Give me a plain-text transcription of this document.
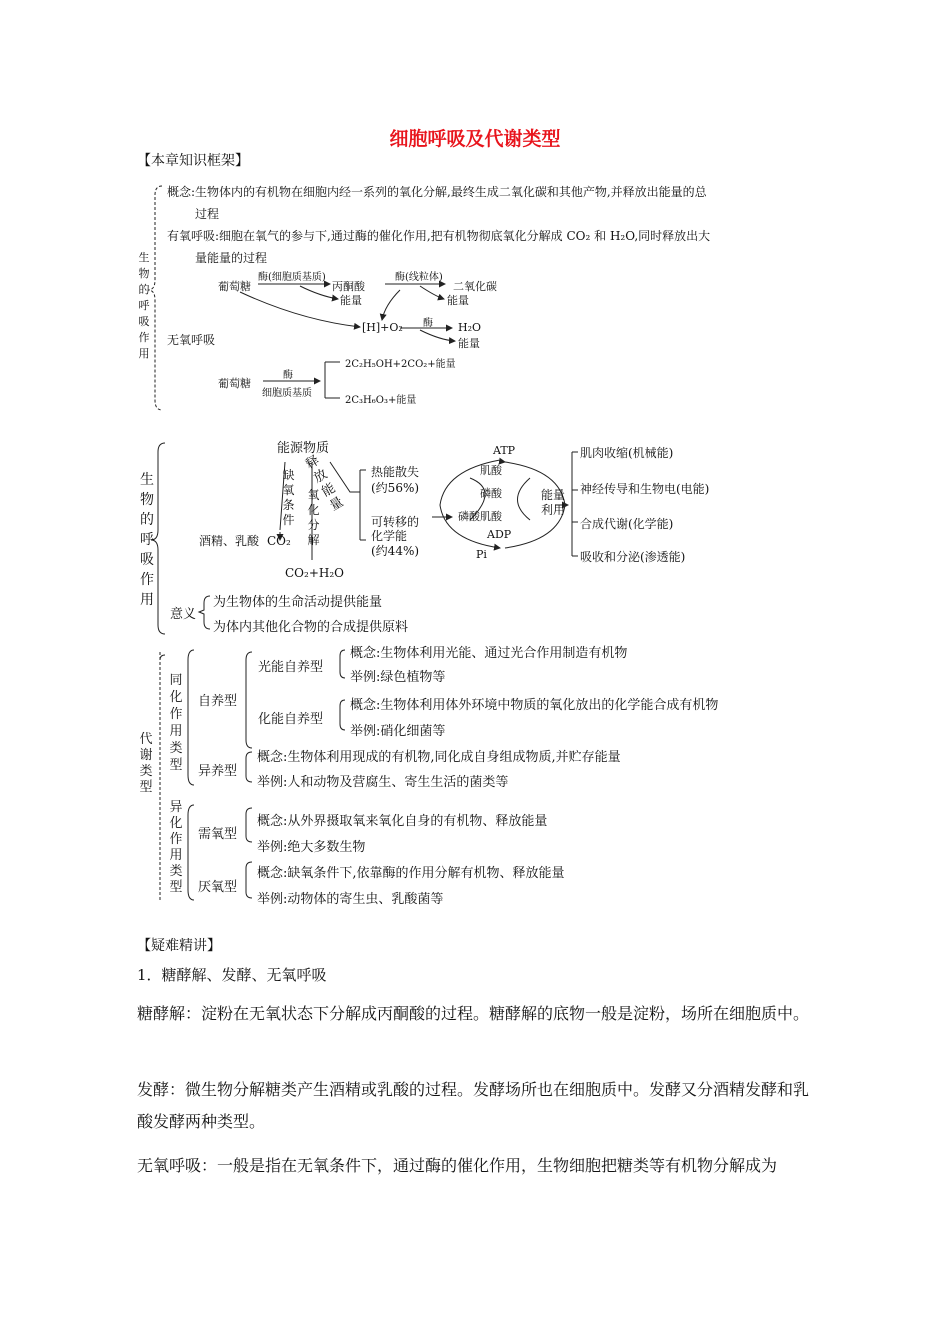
细胞呼吸及代谢类型
【本章知识框架】
生物的呼吸作用
概念:生物体内的有机物在细胞内经一系列的氧化分解,最终生成二氧化碳和其他产物,并释放出能量的总
过程
有氧呼吸:细胞在氧气的参与下,通过酶的催化作用,把有机物彻底氧化分解成 CO₂ 和 H₂O,同时释放出大
量能量的过程
葡萄糖
酶(细胞质基质)
丙酮酸
能量
酶(线粒体)
二氧化碳
能量
[H]+O₂ 酶 H₂O
能量
无氧呼吸
葡萄糖
酶
细胞质基质
2C₂H₅OH+2CO₂+能量
2C₃H₆O₃+能量
生物的呼吸作用
能源物质
释放能量
缺氧条件
氧化分解
酒精、乳酸 CO₂
CO₂+H₂O
热能散失
(约56%)
可转移的
化学能
(约44%)
ATP
肌酸
磷酸
磷酸肌酸
ADP
Pi
能量利用
肌肉收缩(机械能)
神经传导和生物电(电能)
合成代谢(化学能)
吸收和分泌(渗透能)
意义
为生物体的生命活动提供能量
为体内其他化合物的合成提供原料
代谢类型
同化作用类型
自养型
光能自养型
概念:生物体利用光能、通过光合作用制造有机物
举例:绿色植物等
化能自养型
概念:生物体利用体外环境中物质的氧化放出的化学能合成有机物
举例:硝化细菌等
异养型
概念:生物体利用现成的有机物,同化成自身组成物质,并贮存能量
举例:人和动物及营腐生、寄生生活的菌类等
异化作用类型
需氧型
概念:从外界摄取氧来氧化自身的有机物、释放能量
举例:绝大多数生物
厌氧型
概念:缺氧条件下,依靠酶的作用分解有机物、释放能量
举例:动物体的寄生虫、乳酸菌等
【疑难精讲】
1．糖酵解、发酵、无氧呼吸
糖酵解：淀粉在无氧状态下分解成丙酮酸的过程。糖酵解的底物一般是淀粉，场所在细胞质中。
发酵：微生物分解糖类产生酒精或乳酸的过程。发酵场所也在细胞质中。发酵又分酒精发酵和乳酸发酵两种类型。
无氧呼吸：一般是指在无氧条件下，通过酶的催化作用，生物细胞把糖类等有机物分解成为
